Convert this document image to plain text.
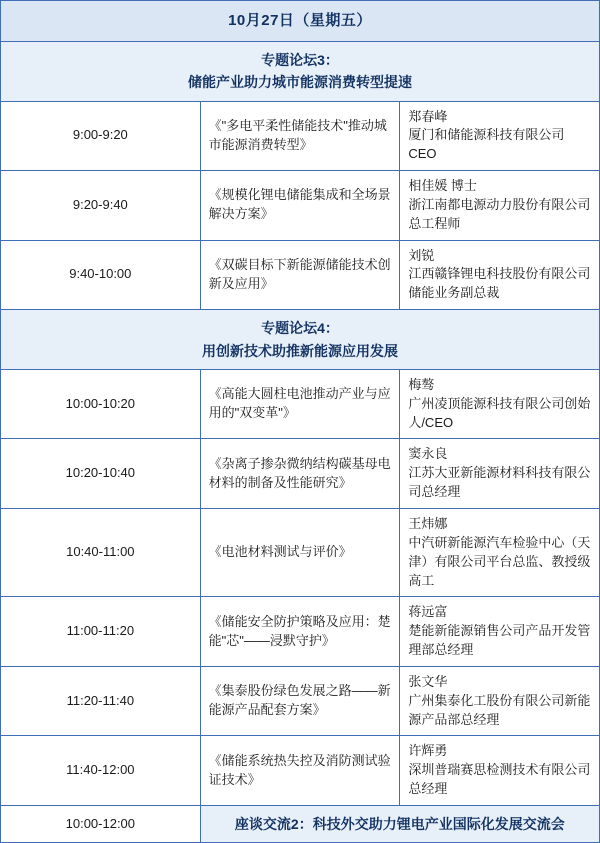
10月27日（星期五）		

专题论坛3：
储能产业助力城市能源消费转型提速		

9:00-9:20	《"多电平柔性储能技术"推动城市能源消费转型》	郑春峰
厦门和储能源科技有限公司CEO

9:20-9:40	《规模化锂电储能集成和全场景解决方案》	相佳媛 博士
浙江南都电源动力股份有限公司总工程师

9:40-10:00	《双碳目标下新能源储能技术创新及应用》	刘锐
江西赣锋锂电科技股份有限公司储能业务副总裁

专题论坛4：
用创新技术助推新能源应用发展		

10:00-10:20	《高能大圆柱电池推动产业与应用的"双变革"》	梅骜
广州凌顶能源科技有限公司创始人/CEO

10:20-10:40	《杂离子掺杂微纳结构碳基母电材料的制备及性能研究》	窦永良
江苏大亚新能源材料科技有限公司总经理

10:40-11:00	《电池材料测试与评价》	王炜娜
中汽研新能源汽车检验中心（天津）有限公司平台总监、教授级高工

11:00-11:20	《储能安全防护策略及应用：楚能"芯"——浸默守护》	蒋远富
楚能新能源销售公司产品开发管理部总经理

11:20-11:40	《集泰股份绿色发展之路——新能源产品配套方案》	张文华
广州集泰化工股份有限公司新能源产品部总经理

11:40-12:00	《储能系统热失控及消防测试验证技术》	许辉勇
深圳普瑞赛思检测技术有限公司总经理

10:00-12:00	座谈交流2：科技外交助力锂电产业国际化发展交流会	
